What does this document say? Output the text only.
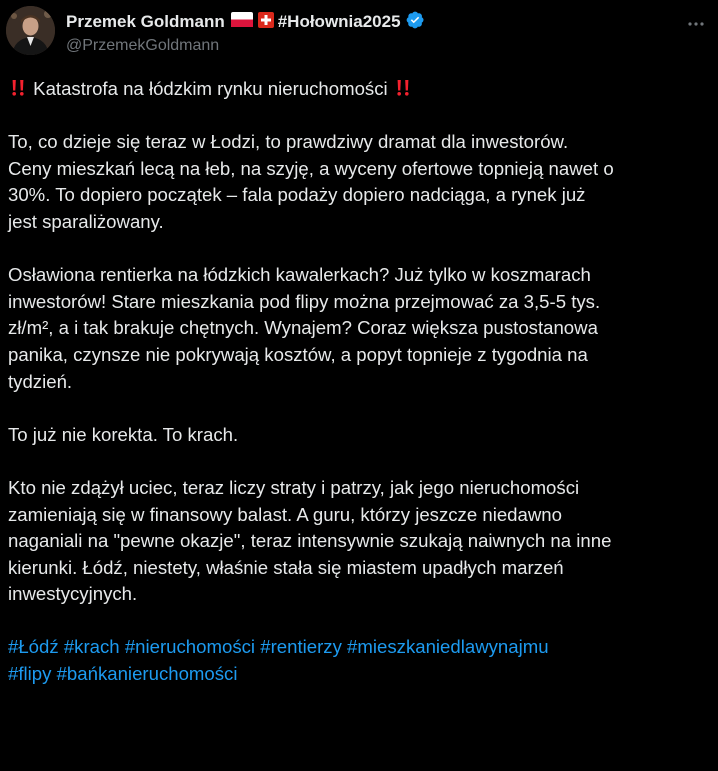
Przemek Goldmann	#Hołownia2025
@PrzemekGoldmann
Katastrofa na łódzkim rynku nieruchomości
To, co dzieje się teraz w Łodzi, to prawdziwy dramat dla inwestorów.
Ceny mieszkań lecą na łeb, na szyję, a wyceny ofertowe topnieją nawet o
30%. To dopiero początek – fala podaży dopiero nadciąga, a rynek już
jest sparaliżowany.
Osławiona rentierka na łódzkich kawalerkach? Już tylko w koszmarach
inwestorów! Stare mieszkania pod flipy można przejmować za 3,5-5 tys.
zł/m², a i tak brakuje chętnych. Wynajem? Coraz większa pustostanowa
panika, czynsze nie pokrywają kosztów, a popyt topnieje z tygodnia na
tydzień.
To już nie korekta. To krach.
Kto nie zdążył uciec, teraz liczy straty i patrzy, jak jego nieruchomości
zamieniają się w finansowy balast. A guru, którzy jeszcze niedawno
naganiali na "pewne okazje", teraz intensywnie szukają naiwnych na inne
kierunki. Łódź, niestety, właśnie stała się miastem upadłych marzeń
inwestycyjnych.
#Łódź #krach #nieruchomości #rentierzy #mieszkaniedlawynajmu
#flipy #bańkanieruchomości
